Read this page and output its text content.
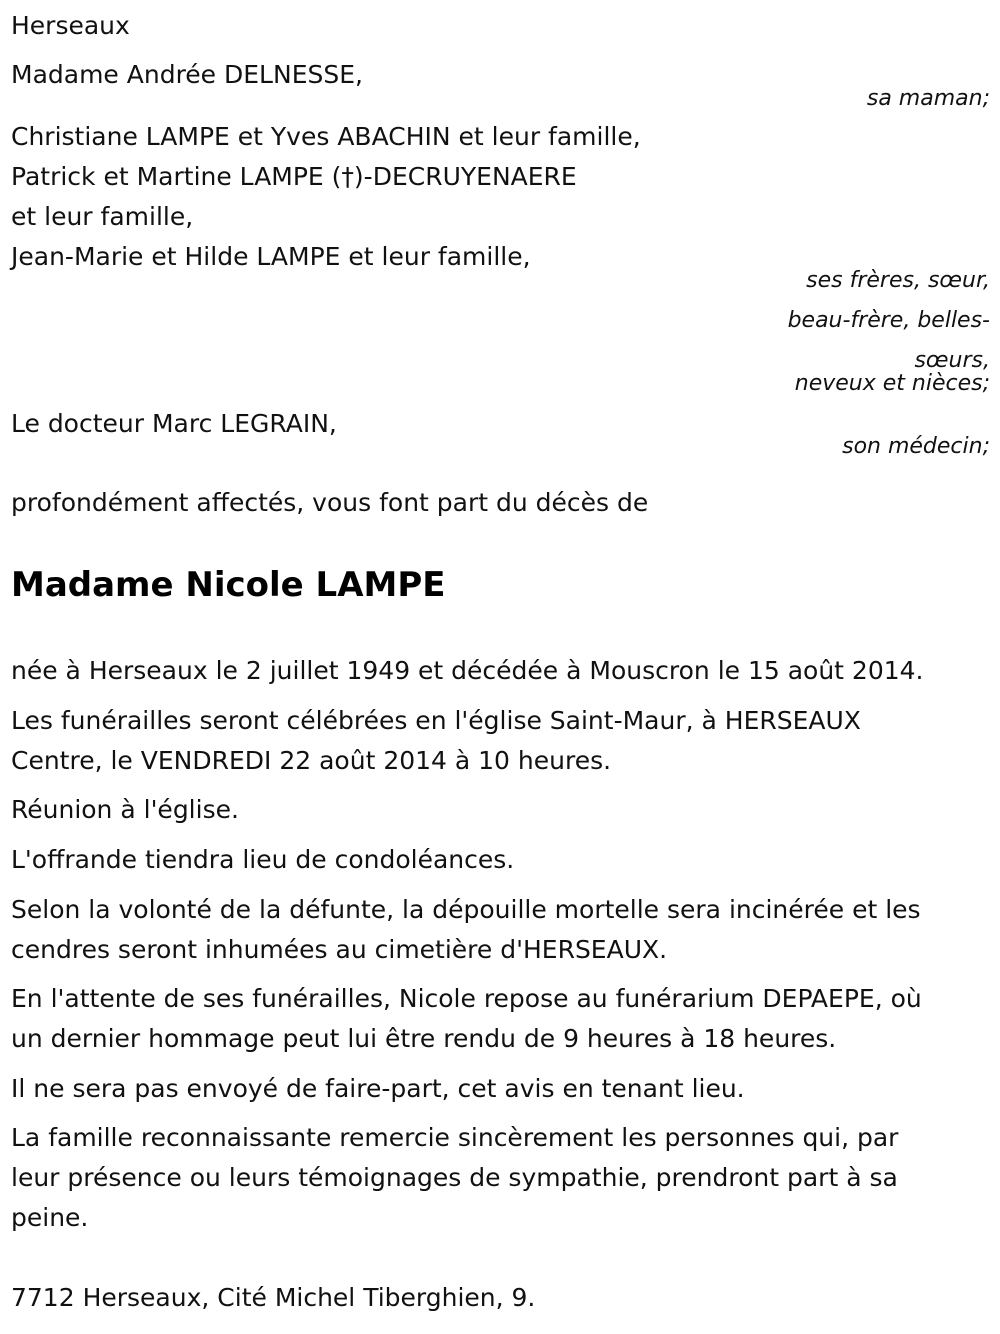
Herseaux
Madame Andrée DELNESSE,
sa maman;
Christiane LAMPE et Yves ABACHIN et leur famille,
Patrick et Martine LAMPE (†)-DECRUYENAERE
et leur famille,
Jean-Marie et Hilde LAMPE et leur famille,
ses frères, sœur,
beau-frère, belles-
sœurs,
neveux et nièces;
Le docteur Marc LEGRAIN,
son médecin;
profondément affectés, vous font part du décès de
Madame Nicole LAMPE
née à Herseaux le 2 juillet 1949 et décédée à Mouscron le 15 août 2014.
Les funérailles seront célébrées en l'église Saint-Maur, à HERSEAUX
Centre, le VENDREDI 22 août 2014 à 10 heures.
Réunion à l'église.
L'offrande tiendra lieu de condoléances.
Selon la volonté de la défunte, la dépouille mortelle sera incinérée et les
cendres seront inhumées au cimetière d'HERSEAUX.
En l'attente de ses funérailles, Nicole repose au funérarium DEPAEPE, où
un dernier hommage peut lui être rendu de 9 heures à 18 heures.
Il ne sera pas envoyé de faire-part, cet avis en tenant lieu.
La famille reconnaissante remercie sincèrement les personnes qui, par
leur présence ou leurs témoignages de sympathie, prendront part à sa
peine.
7712 Herseaux, Cité Michel Tiberghien, 9.
